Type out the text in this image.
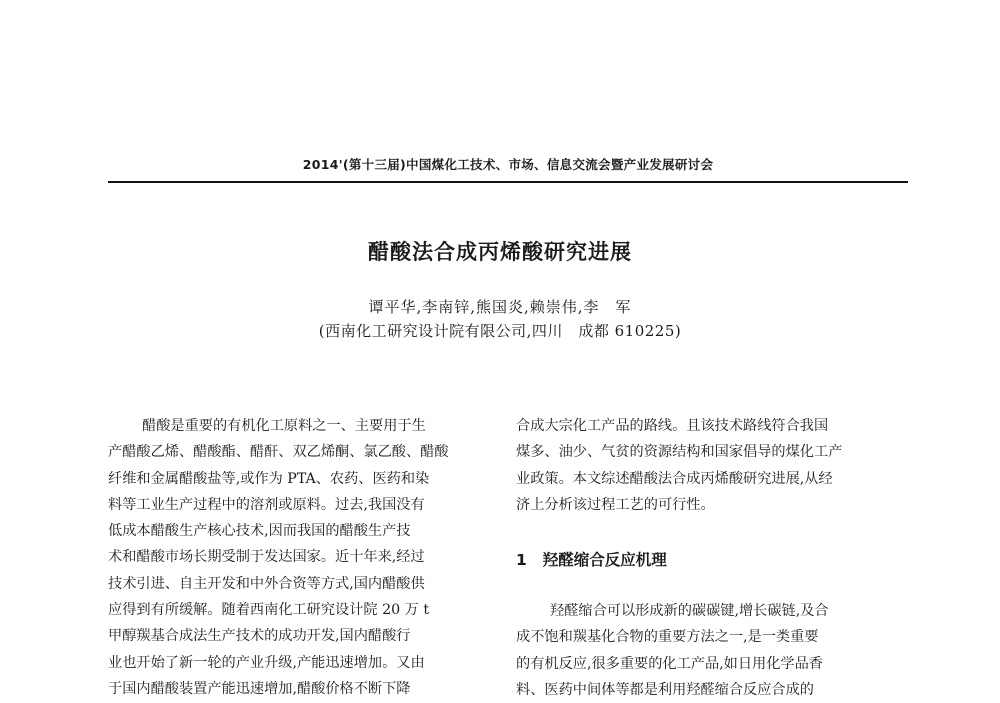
2014'(第十三届)中国煤化工技术、市场、信息交流会暨产业发展研讨会
醋酸法合成丙烯酸研究进展
谭平华,李南锌,熊国炎,赖崇伟,李　军
(西南化工研究设计院有限公司,四川　成都 610225)
醋酸是重要的有机化工原料之一、主要用于生
产醋酸乙烯、醋酸酯、醋酐、双乙烯酮、氯乙酸、醋酸
纤维和金属醋酸盐等,或作为 PTA、农药、医药和染
料等工业生产过程中的溶剂或原料。过去,我国没有
低成本醋酸生产核心技术,因而我国的醋酸生产技
术和醋酸市场长期受制于发达国家。近十年来,经过
技术引进、自主开发和中外合资等方式,国内醋酸供
应得到有所缓解。随着西南化工研究设计院 20 万 t
甲醇羰基合成法生产技术的成功开发,国内醋酸行
业也开始了新一轮的产业升级,产能迅速增加。又由
于国内醋酸装置产能迅速增加,醋酸价格不断下降
合成大宗化工产品的路线。且该技术路线符合我国
煤多、油少、气贫的资源结构和国家倡导的煤化工产
业政策。本文综述醋酸法合成丙烯酸研究进展,从经
济上分析该过程工艺的可行性。
1 羟醛缩合反应机理
羟醛缩合可以形成新的碳碳键,增长碳链,及合
成不饱和羰基化合物的重要方法之一,是一类重要
的有机反应,很多重要的化工产品,如日用化学品香
料、医药中间体等都是利用羟醛缩合反应合成的
